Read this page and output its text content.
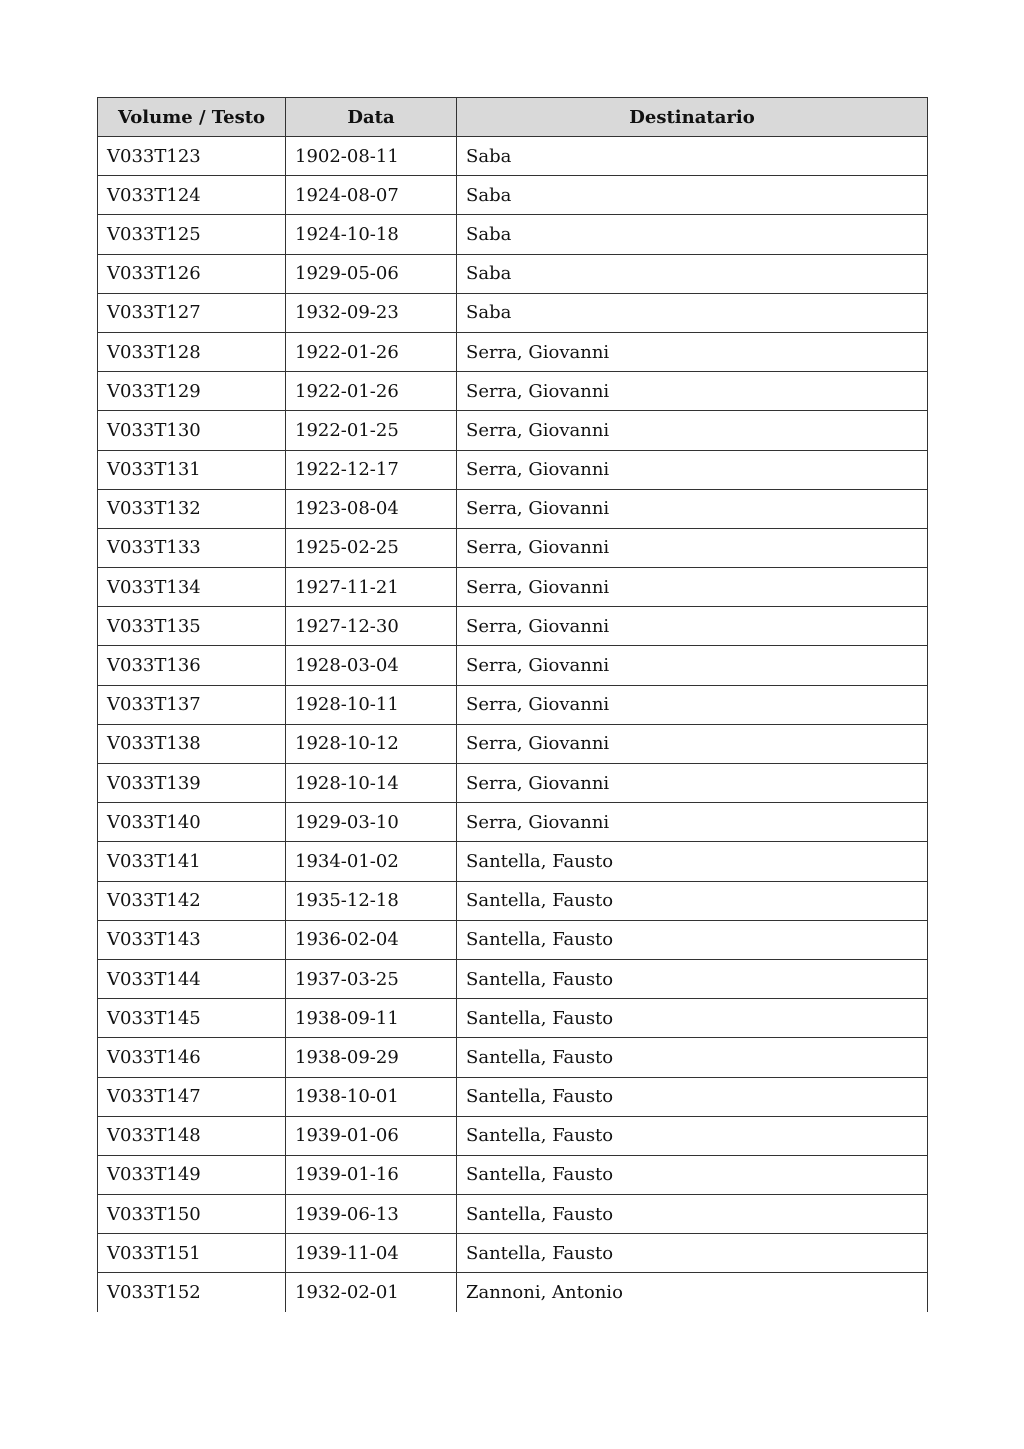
Volume / Testo	Data	Destinatario
V033T123	1902-08-11	Saba
V033T124	1924-08-07	Saba
V033T125	1924-10-18	Saba
V033T126	1929-05-06	Saba
V033T127	1932-09-23	Saba
V033T128	1922-01-26	Serra, Giovanni
V033T129	1922-01-26	Serra, Giovanni
V033T130	1922-01-25	Serra, Giovanni
V033T131	1922-12-17	Serra, Giovanni
V033T132	1923-08-04	Serra, Giovanni
V033T133	1925-02-25	Serra, Giovanni
V033T134	1927-11-21	Serra, Giovanni
V033T135	1927-12-30	Serra, Giovanni
V033T136	1928-03-04	Serra, Giovanni
V033T137	1928-10-11	Serra, Giovanni
V033T138	1928-10-12	Serra, Giovanni
V033T139	1928-10-14	Serra, Giovanni
V033T140	1929-03-10	Serra, Giovanni
V033T141	1934-01-02	Santella, Fausto
V033T142	1935-12-18	Santella, Fausto
V033T143	1936-02-04	Santella, Fausto
V033T144	1937-03-25	Santella, Fausto
V033T145	1938-09-11	Santella, Fausto
V033T146	1938-09-29	Santella, Fausto
V033T147	1938-10-01	Santella, Fausto
V033T148	1939-01-06	Santella, Fausto
V033T149	1939-01-16	Santella, Fausto
V033T150	1939-06-13	Santella, Fausto
V033T151	1939-11-04	Santella, Fausto
V033T152	1932-02-01	Zannoni, Antonio
